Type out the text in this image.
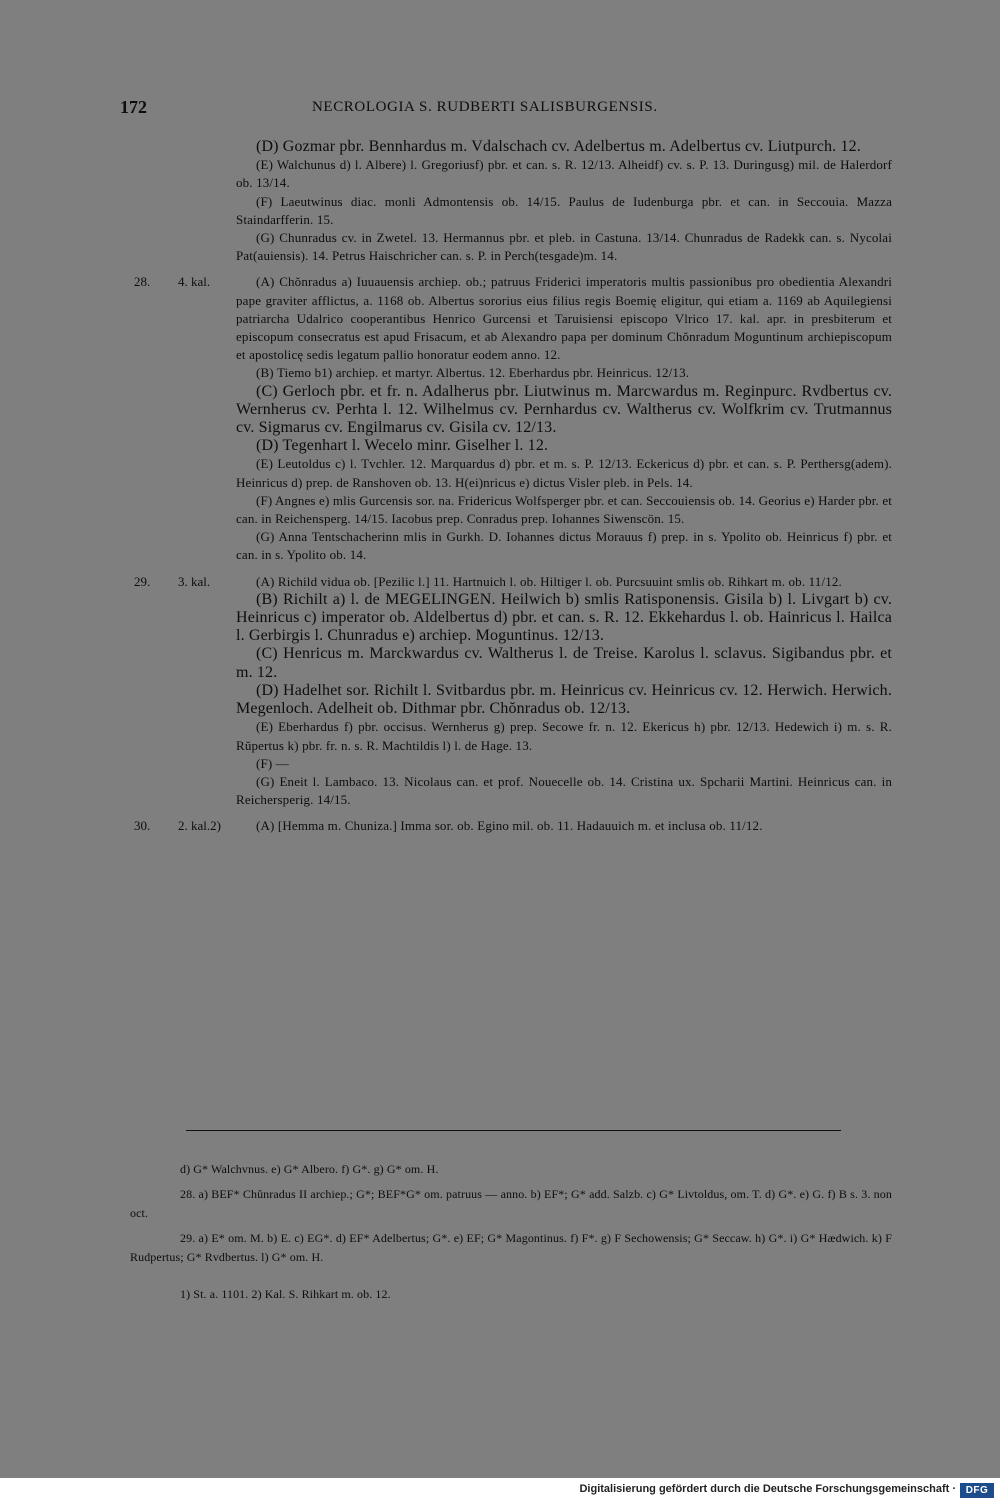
172	NECROLOGIA S. RUDBERTI SALISBURGENSIS.

(D) Gozmar pbr. Bennhardus m. Vdalschach cv. Adelbertus m. Adelbertus cv. Liutpurch. 12.

(E) Walchunus d) l. Albere) l. Gregoriusf) pbr. et can. s. R. 12/13. Alheidf) cv. s. P. 13. Duringusg) mil. de Halerdorf ob. 13/14.

(F) Laeutwinus diac. monli Admontensis ob. 14/15. Paulus de Iudenburga pbr. et can. in Seccouia. Mazza Staindarfferin. 15.

(G) Chunradus cv. in Zwetel. 13. Hermannus pbr. et pleb. in Castuna. 13/14. Chunradus de Radekk can. s. Nycolai Pat(auiensis). 14. Petrus Haischricher can. s. P. in Perch(tesgade)m. 14.

28. 4. kal.	(A) Chŏnradus a) Iuuauensis archiep. ob.; patruus Friderici imperatoris multis passionibus pro obedientia Alexandri pape graviter afflictus, a. 1168 ob. Albertus sororius eius filius regis Boemię eligitur, qui etiam a. 1169 ab Aquilegiensi patriarcha Udalrico cooperantibus Henrico Gurcensi et Taruisiensi episcopo Vlrico 17. kal. apr. in presbiterum et episcopum consecratus est apud Frisacum, et ab Alexandro papa per dominum Chŏnradum Moguntinum archiepiscopum et apostolicę sedis legatum pallio honoratur eodem anno. 12.

(B) Tiemo b1) archiep. et martyr. Albertus. 12. Eberhardus pbr. Heinricus. 12/13.

(C) Gerloch pbr. et fr. n. Adalherus pbr. Liutwinus m. Marcwardus m. Reginpurc. Rvdbertus cv. Wernherus cv. Perhta l. 12. Wilhelmus cv. Pernhardus cv. Waltherus cv. Wolfkrim cv. Trutmannus cv. Sigmarus cv. Engilmarus cv. Gisila cv. 12/13.

(D) Tegenhart l. Wecelo minr. Giselher l. 12.

(E) Leutoldus c) l. Tvchler. 12. Marquardus d) pbr. et m. s. P. 12/13. Eckericus d) pbr. et can. s. P. Perthersg(adem). Heinricus d) prep. de Ranshoven ob. 13. H(ei)nricus e) dictus Visler pleb. in Pels. 14.

(F) Angnes e) mlis Gurcensis sor. na. Fridericus Wolfsperger pbr. et can. Seccouiensis ob. 14. Georius e) Harder pbr. et can. in Reichensperg. 14/15. Iacobus prep. Conradus prep. Iohannes Siwenscön. 15.

(G) Anna Tentschacherinn mlis in Gurkh. D. Iohannes dictus Morauus f) prep. in s. Ypolito ob. Heinricus f) pbr. et can. in s. Ypolito ob. 14.

29. 3. kal.	(A) Richild vidua ob. [Pezilic l.] 11. Hartnuich l. ob. Hiltiger l. ob. Purcsuuint smlis ob. Rihkart m. ob. 11/12.

(B) Richilt a) l. de MEGELINGEN. Heilwich b) smlis Ratisponensis. Gisila b) l. Livgart b) cv. Heinricus c) imperator ob. Aldelbertus d) pbr. et can. s. R. 12. Ekkehardus l. ob. Hainricus l. Hailca l. Gerbirgis l. Chunradus e) archiep. Moguntinus. 12/13.

(C) Henricus m. Marckwardus cv. Waltherus l. de Treise. Karolus l. sclavus. Sigibandus pbr. et m. 12.

(D) Hadelhet sor. Richilt l. Svitbardus pbr. m. Heinricus cv. Heinricus cv. 12. Herwich. Herwich. Megenloch. Adelheit ob. Dithmar pbr. Chŏnradus ob. 12/13.

(E) Eberhardus f) pbr. occisus. Wernherus g) prep. Secowe fr. n. 12. Ekericus h) pbr. 12/13. Hedewich i) m. s. R. Rŭpertus k) pbr. fr. n. s. R. Machtildis l) l. de Hage. 13.

(F) —

(G) Eneit l. Lambaco. 13. Nicolaus can. et prof. Nouecelle ob. 14. Cristina ux. Spcharii Martini. Heinricus can. in Reichersperig. 14/15.

30. 2. kal.2)	(A) [Hemma m. Chuniza.] Imma sor. ob. Egino mil. ob. 11. Hadauuich m. et inclusa ob. 11/12.

d) G* Walchvnus. e) G* Albero. f) G*. g) G* om. H.

28. a) BEF* Chŭnradus II archiep.; G*; BEF*G* om. patruus — anno. b) EF*; G* add. Salzb. c) G* Livtoldus, om. T. d) G*. e) G. f) B s. 3. non oct.

29. a) E* om. M. b) E. c) EG*. d) EF* Adelbertus; G*. e) EF; G* Magontinus. f) F*. g) F Sechowensis; G* Seccaw. h) G*. i) G* Hædwich. k) F Rudpertus; G* Rvdbertus. l) G* om. H.

1) St. a. 1101. 2) Kal. S. Rihkart m. ob. 12.

Digitalisierung gefördert durch die Deutsche Forschungsgemeinschaft · DFG
